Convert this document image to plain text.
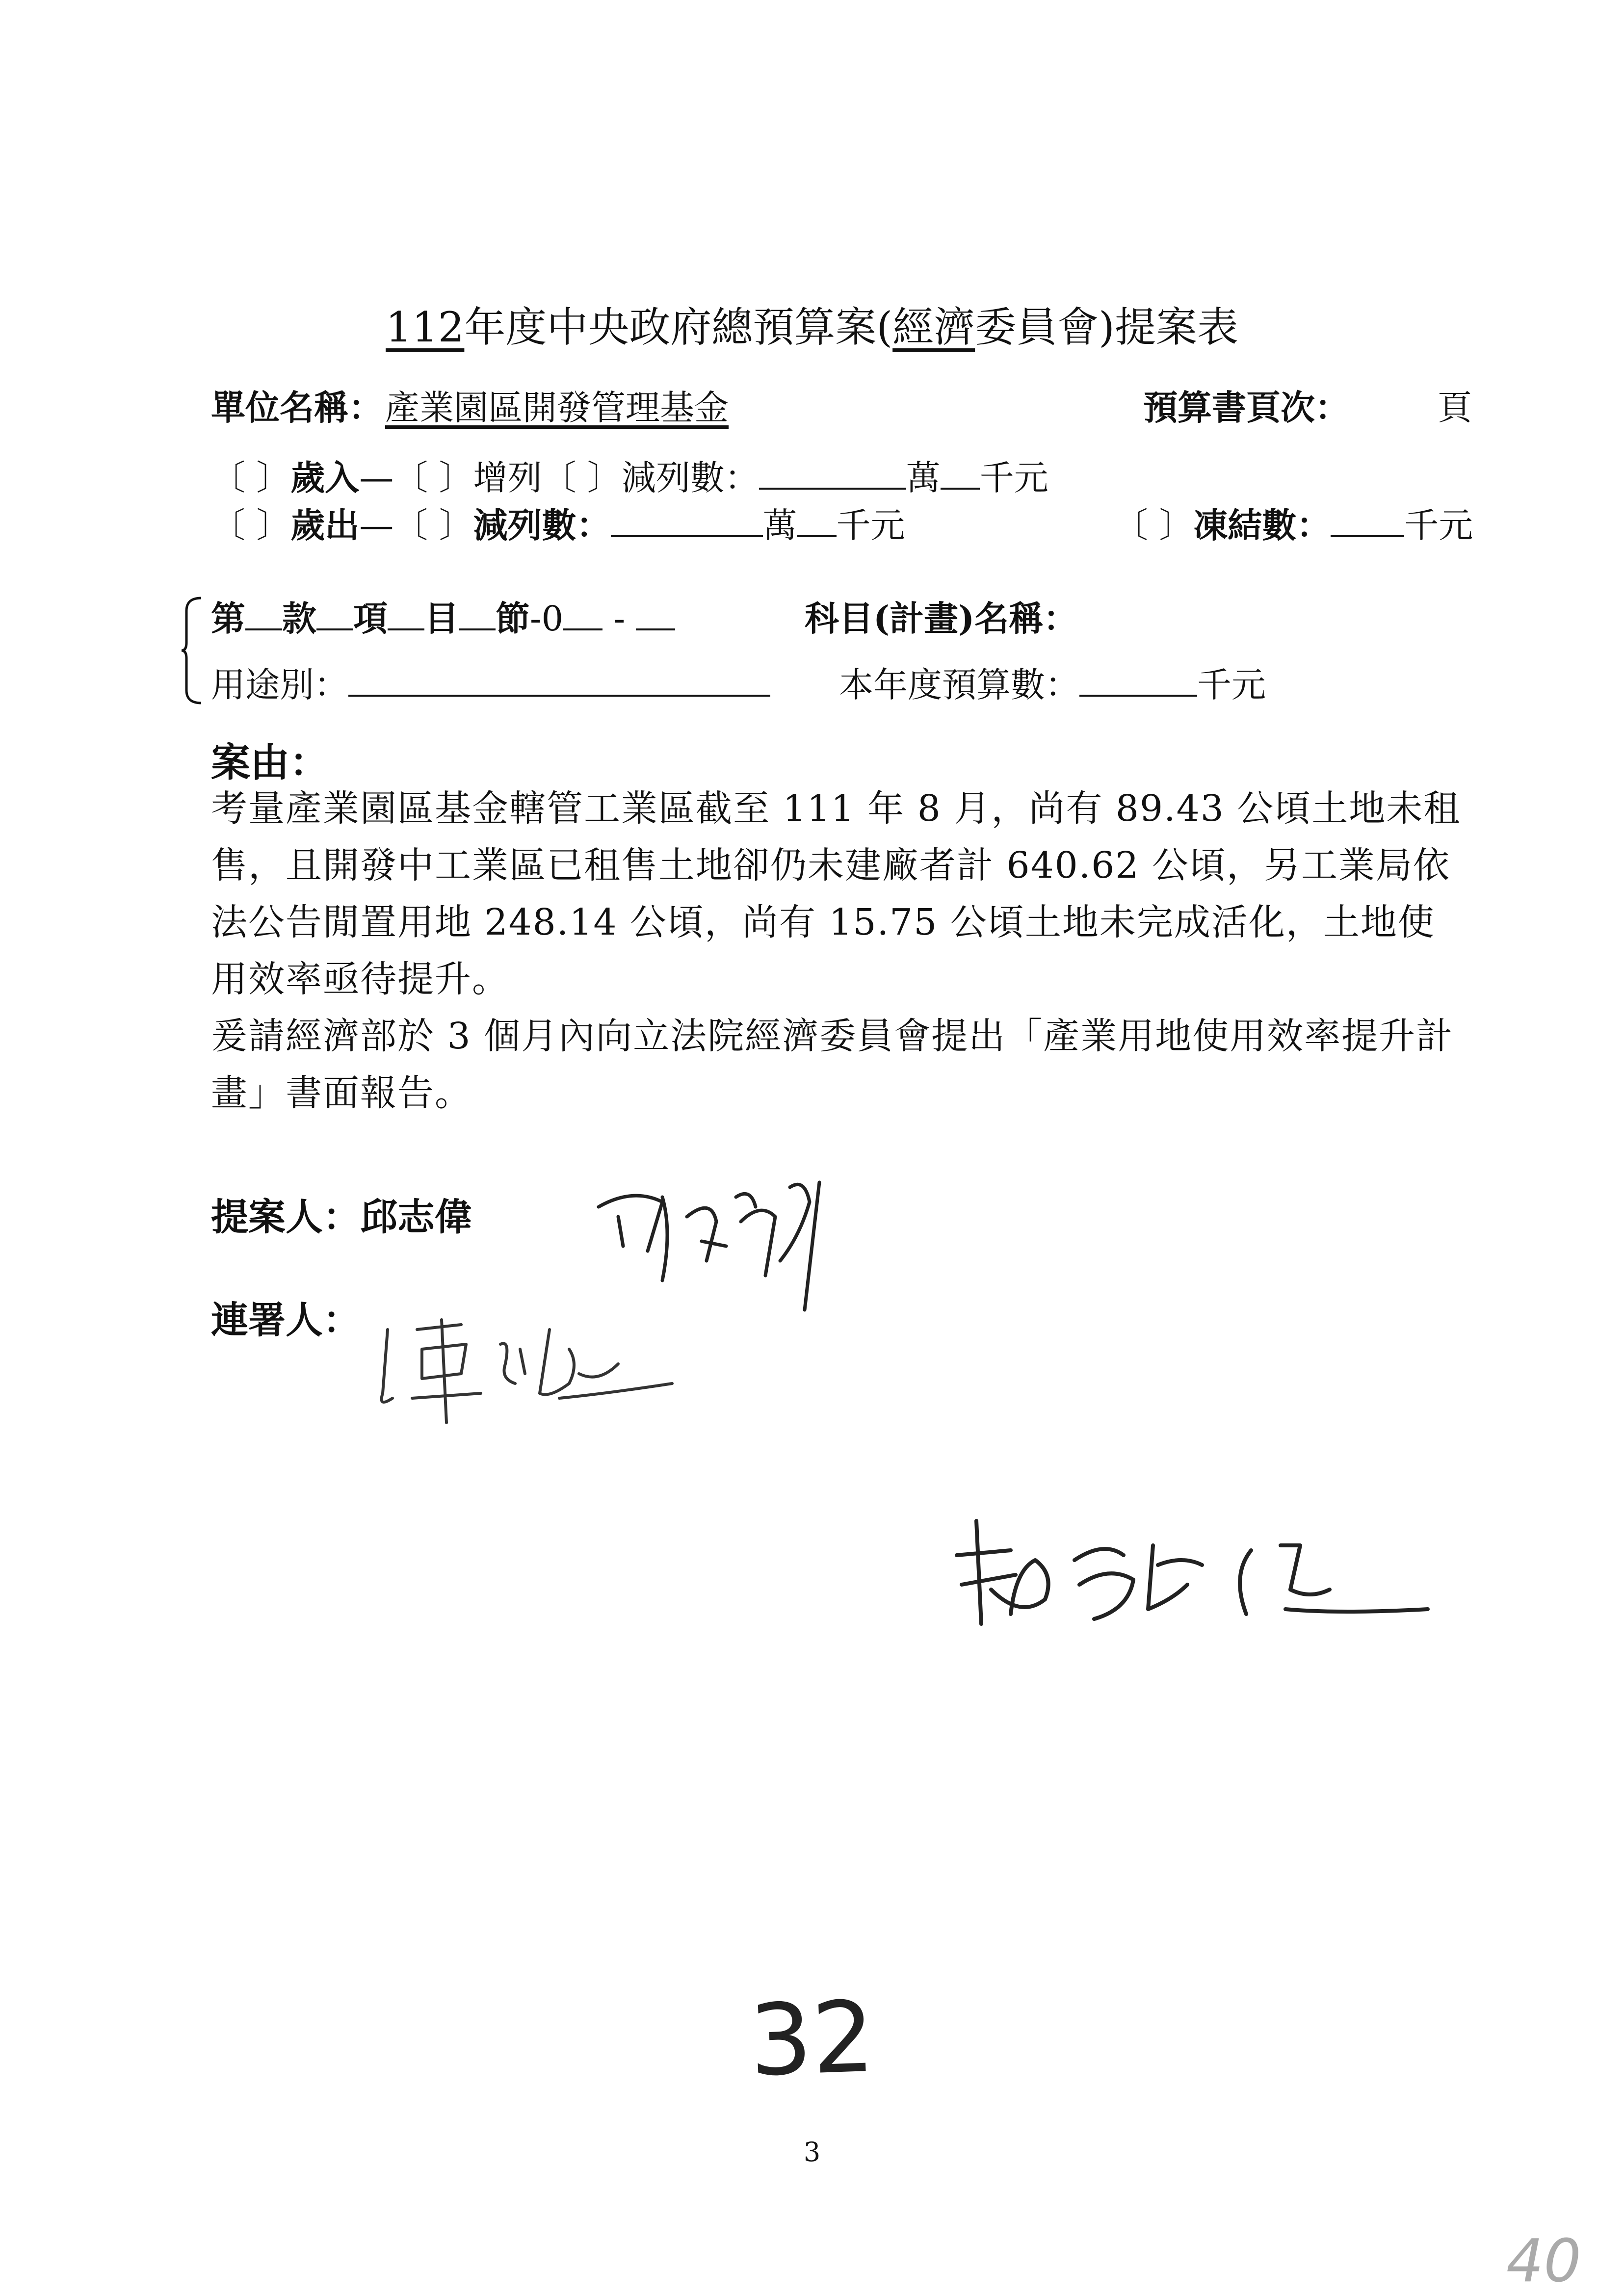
112年度中央政府總預算案(經濟委員會)提案表
單位名稱： 產業園區開發管理基金	預算書頁次：	頁
〔 〕歲入—〔 〕增列〔 〕減列數：	萬 千元
〔 〕歲出—〔 〕減列數：	萬 千元	〔 〕凍結數： 千元
第 款 項 目 節-0 -	科目(計畫)名稱：
用途別：	本年度預算數：	千元
案由：

考量產業園區基金轄管工業區截至 111 年 8 月，尚有 89.43 公頃土地未租售，且開發中工業區已租售土地卻仍未建廠者計 640.62 公頃，另工業局依法公告閒置用地 248.14 公頃，尚有 15.75 公頃土地未完成活化，土地使用效率亟待提升。

爰請經濟部於 3 個月內向立法院經濟委員會提出「產業用地使用效率提升計畫」書面報告。

提案人：邱志偉
連署人：
32
3
40
